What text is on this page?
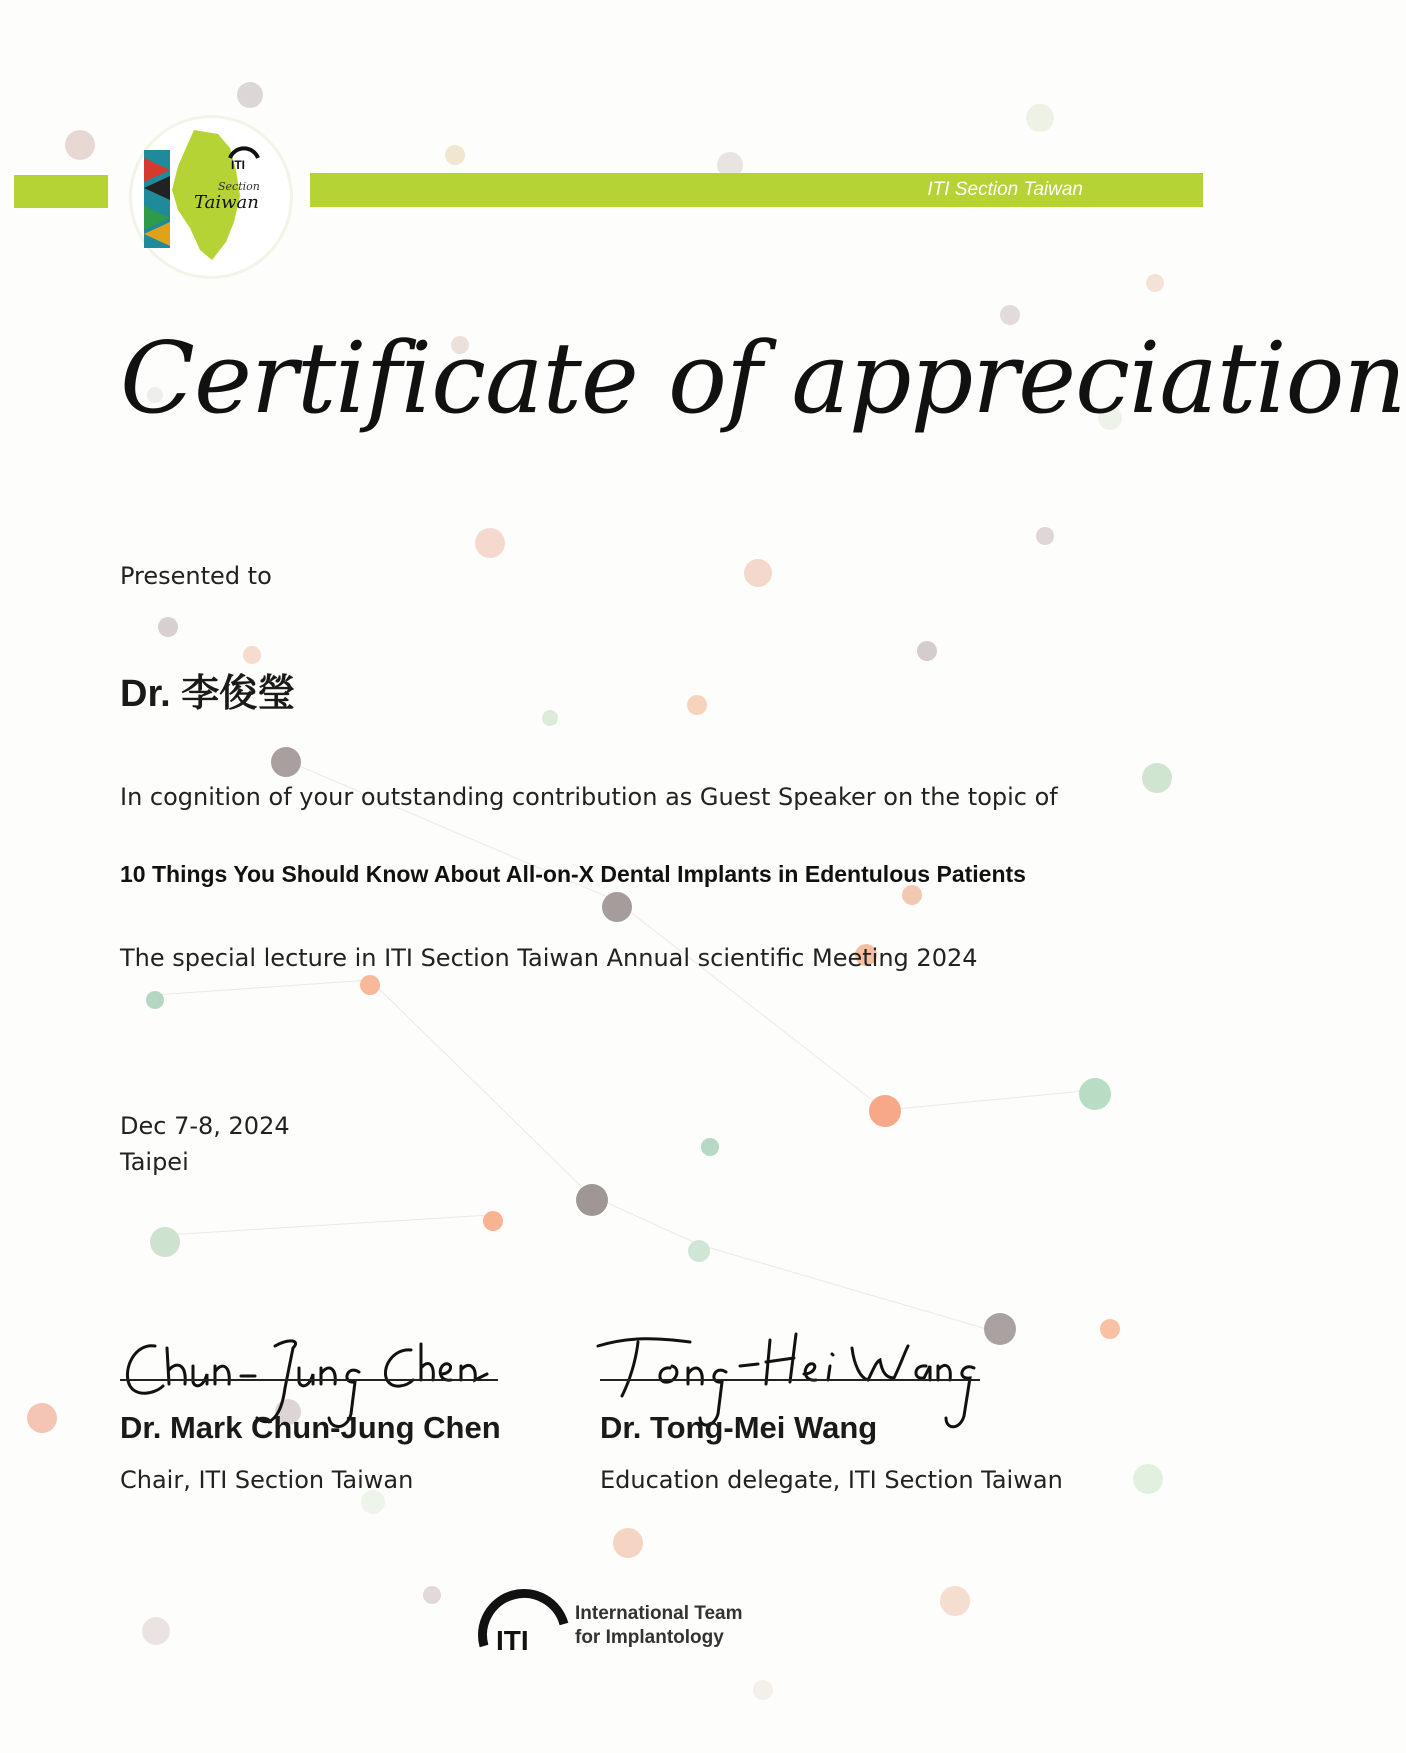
ITI Section Taiwan
ITI
Section
Taiwan
Certificate of appreciation
Presented to
Dr. 李俊瑩
In cognition of your outstanding contribution as Guest Speaker on the topic of
10 Things You Should Know About All-on-X Dental Implants in Edentulous Patients
The special lecture in ITI Section Taiwan Annual scientific Meeting 2024
Dec 7-8, 2024
Taipei
Dr. Mark Chun-Jung Chen	Dr. Tong-Mei Wang
Chair, ITI Section Taiwan	Education delegate, ITI Section Taiwan
ITI
International Team
for Implantology
